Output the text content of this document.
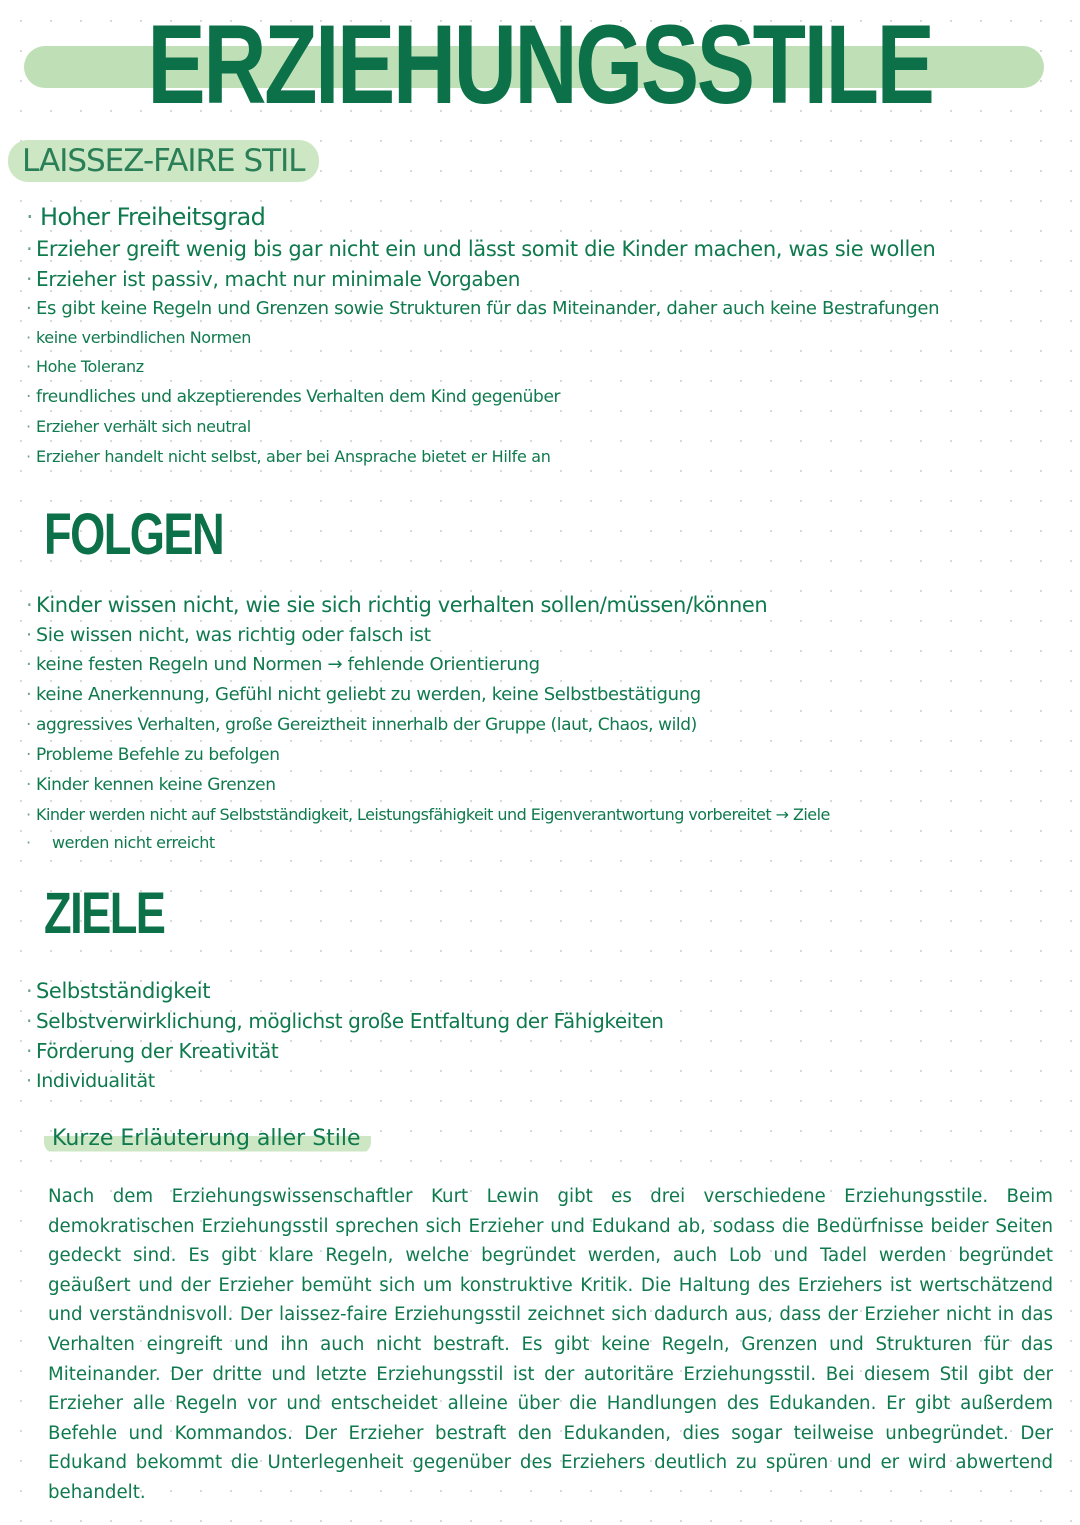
ERZIEHUNGSSTILE
LAISSEZ-FAIRE STIL
· Hoher Freiheitsgrad
· Erzieher greift wenig bis gar nicht ein und lässt somit die Kinder machen, was sie wollen
· Erzieher ist passiv, macht nur minimale Vorgaben
· Es gibt keine Regeln und Grenzen sowie Strukturen für das Miteinander, daher auch keine Bestrafungen
· keine verbindlichen Normen
· Hohe Toleranz
· freundliches und akzeptierendes Verhalten dem Kind gegenüber
· Erzieher verhält sich neutral
· Erzieher handelt nicht selbst, aber bei Ansprache bietet er Hilfe an
FOLGEN
· Kinder wissen nicht, wie sie sich richtig verhalten sollen/müssen/können
· Sie wissen nicht, was richtig oder falsch ist
· keine festen Regeln und Normen → fehlende Orientierung
· keine Anerkennung, Gefühl nicht geliebt zu werden, keine Selbstbestätigung
· aggressives Verhalten, große Gereiztheit innerhalb der Gruppe (laut, Chaos, wild)
· Probleme Befehle zu befolgen
· Kinder kennen keine Grenzen
· Kinder werden nicht auf Selbstständigkeit, Leistungsfähigkeit und Eigenverantwortung vorbereitet → Ziele
· werden nicht erreicht
ZIELE
· Selbstständigkeit
· Selbstverwirklichung, möglichst große Entfaltung der Fähigkeiten
· Förderung der Kreativität
· Individualität
Kurze Erläuterung aller Stile

Nach dem Erziehungswissenschaftler Kurt Lewin gibt es drei verschiedene Erziehungsstile. Beim demokratischen Erziehungsstil sprechen sich Erzieher und Edukand ab, sodass die Bedürfnisse beider Seiten gedeckt sind. Es gibt klare Regeln, welche begründet werden, auch Lob und Tadel werden begründet geäußert und der Erzieher bemüht sich um konstruktive Kritik. Die Haltung des Erziehers ist wertschätzend und verständnisvoll. Der laissez-faire Erziehungsstil zeichnet sich dadurch aus, dass der Erzieher nicht in das Verhalten eingreift und ihn auch nicht bestraft. Es gibt keine Regeln, Grenzen und Strukturen für das Miteinander. Der dritte und letzte Erziehungsstil ist der autoritäre Erziehungsstil. Bei diesem Stil gibt der Erzieher alle Regeln vor und entscheidet alleine über die Handlungen des Edukanden. Er gibt außerdem Befehle und Kommandos. Der Erzieher bestraft den Edukanden, dies sogar teilweise unbegründet. Der Edukand bekommt die Unterlegenheit gegenüber des Erziehers deutlich zu spüren und er wird abwertend behandelt.
